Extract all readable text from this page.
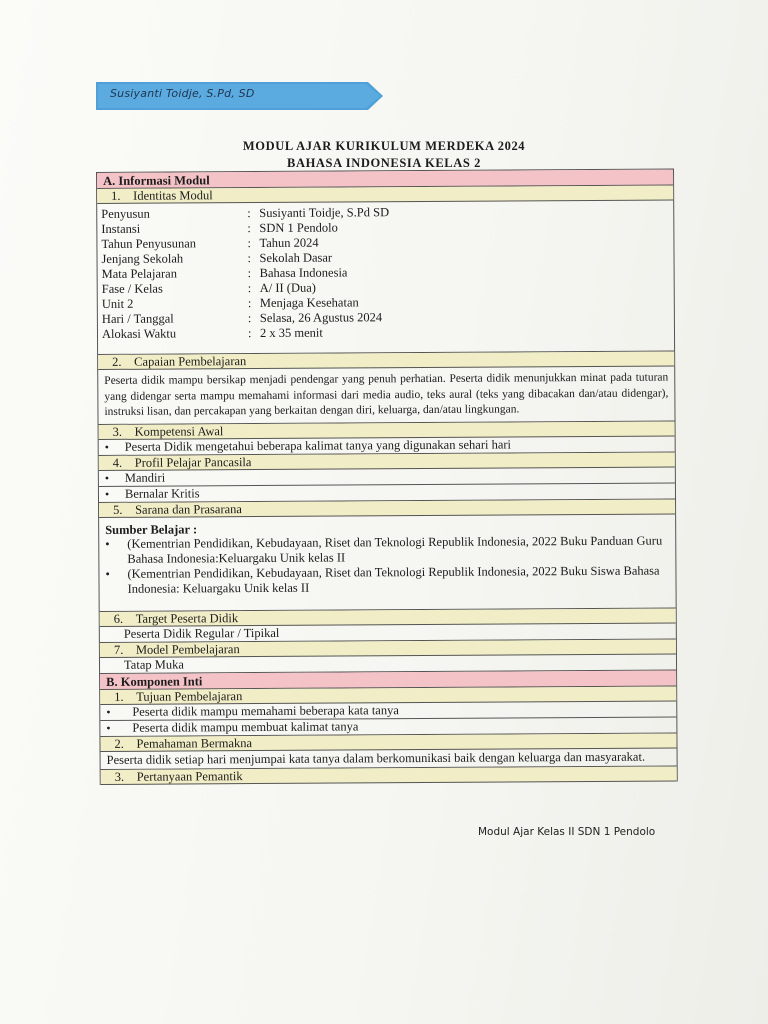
Susiyanti Toidje, S.Pd, SD
MODUL AJAR KURIKULUM MERDEKA 2024
BAHASA INDONESIA KELAS 2
A. Informasi Modul
1. Identitas Modul
Penyusun	: Susiyanti Toidje, S.Pd SD
Instansi	: SDN 1 Pendolo
Tahun Penyusunan	: Tahun 2024
Jenjang Sekolah	: Sekolah Dasar
Mata Pelajaran	: Bahasa Indonesia
Fase / Kelas	: A/ II (Dua)
Unit 2	: Menjaga Kesehatan
Hari / Tanggal	: Selasa, 26 Agustus 2024
Alokasi Waktu	: 2 x 35 menit
2. Capaian Pembelajaran
Peserta didik mampu bersikap menjadi pendengar yang penuh perhatian. Peserta didik menunjukkan minat pada tuturan yang didengar serta mampu memahami informasi dari media audio, teks aural (teks yang dibacakan dan/atau didengar), instruksi lisan, dan percakapan yang berkaitan dengan diri, keluarga, dan/atau lingkungan.
3. Kompetensi Awal
•	Peserta Didik mengetahui beberapa kalimat tanya yang digunakan sehari hari
4. Profil Pelajar Pancasila
•	Mandiri
•	Bernalar Kritis
5. Sarana dan Prasarana
Sumber Belajar :
•	(Kementrian Pendidikan, Kebudayaan, Riset dan Teknologi Republik Indonesia, 2022 Buku Panduan Guru Bahasa Indonesia:Keluargaku Unik kelas II
•	(Kementrian Pendidikan, Kebudayaan, Riset dan Teknologi Republik Indonesia, 2022 Buku Siswa Bahasa Indonesia: Keluargaku Unik kelas II
6. Target Peserta Didik
Peserta Didik Regular / Tipikal
7. Model Pembelajaran
Tatap Muka
B. Komponen Inti
1. Tujuan Pembelajaran
•	Peserta didik mampu memahami beberapa kata tanya
•	Peserta didik mampu membuat kalimat tanya
2. Pemahaman Bermakna
Peserta didik setiap hari menjumpai kata tanya dalam berkomunikasi baik dengan keluarga dan masyarakat.
3. Pertanyaan Pemantik
Modul Ajar Kelas II SDN 1 Pendolo
